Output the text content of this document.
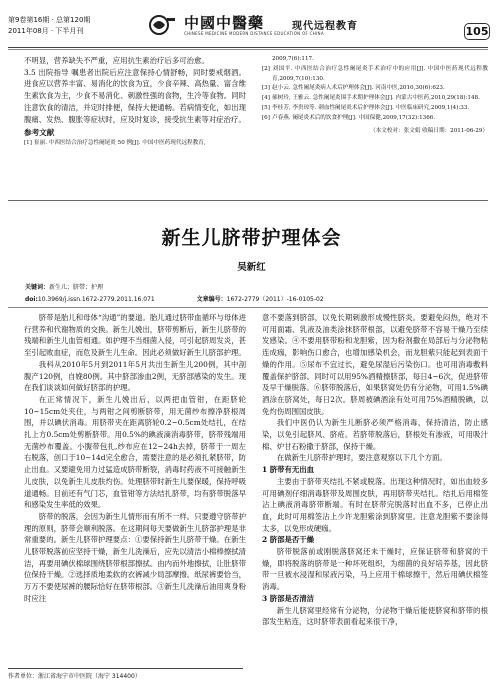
第9卷第16期 · 总第120期
2011年08月 · 下半月刊	中國中醫藥	现代远程教育
CHINESE MEDICINE MODERN DISTANCE EDUCATION OF CHINA	105

不明显，营养缺失不严重，应用抗生素治疗后多可治愈。

3.5 出院指导 嘱患者出院后应注意保持心情舒畅，同时要戒烟酒。进食应以营养丰富、易消化的饮食为宜，少食辛辣、高热量、富含维生素饮食为主，少食不易消化、刺激性强的食物，生冷等食物。同时注意饮食的清洁，并定时排便，保持大便通畅。若病情变化，如出现腹痛、发热、腹胀等症状时，应及时复诊，接受抗生素等对症治疗。

参考文献

[1] 崔丽. 中西医结合治疗急性阑尾炎 50 例[J]. 中国中医药现代远程教育,

2009,7(6):117.

[2] 刘国平. 中西医结合治疗急性阑尾炎手术治疗中的应用[J]. 中国中医药现代远程教育,2009,7(10):130.

[3] 赵小云. 急性阑尾炎病人术后护理体会[J]. 河南中医,2010,30(6):623.

[4] 郝树玲, 王雅云. 急性阑尾炎围手术期护理体会[J]. 内蒙古中医药,2010,29(18):148.

[5] 李桂芳, 李贵琼等. 刺血性阑尾炎术后护理体会[J]. 中医临床研究,2009,1(4):33.

[6] 卢春燕. 阑尾炎术后的饮食护理[J]. 中国保健,2009,17(32):1366.

（本文校对：张文娟 收稿日期：2011-06-29）
新生儿脐带护理体会
吴新红
关键词：新生儿；脐带；护理
doi:10.3969/j.issn.1672-2779.2011.16.071	文章编号：1672-2779（2011）-16-0105-02

脐带是胎儿和母体“沟通”的要道。胎儿通过脐带血循环与母体进行营养和代谢物质的交换。新生儿娩出，脐带剪断后，新生儿脐带的残端和新生儿血管相通。如护理不当细菌入侵，可引起脐周发炎，甚至引起败血症，而危及新生儿生命。因此必须做好新生儿脐部护理。

我科从2010年5月到2011年5月共出生新生儿200例，其中剖腹产120例，自娩80例。其中脐部渗血2例，无脐部感染的发生。现在我们谈谈如何做好脐部的护理。

在正常情况下，新生儿娩出后，以两把血管钳，在距脐轮10~15cm处夹住，与两钳之间剪断脐带，用无菌纱布擦净脐根周围，并以碘伏消毒。用脐带夹在距离脐轮0.2~0.5cm处结扎，在结扎上方0.5cm处剪断脐带。用0.5%的碘液滴消毒脐带，脐带残端用无菌纱布覆盖。小腹带包扎,纱布应在12~24h去掉，脐带于一周左右脱落，创口于10~14d完全愈合，需要注意的是必须扎紧脐带，防止出血。又要避免用力过猛造成脐带断裂，消毒时药液不可接触新生儿皮肤，以免新生儿皮肤灼伤。处理脐带时新生儿要保暖，保持呼吸道通畅。目前还有气门芯，血管钳等方法结扎脐带，均有脐带脱落早和感染发生率低的效果。

脐带的脱落，会因为新生儿情形而有所不一样。只要遵守脐带护理的原则，脐带会顺利脱落。在这期间每天要做新生儿脐部护理是非常重要的。新生儿脐带护理要点：①要保持新生儿脐带干燥。在新生儿脐带脱落前应坚持干燥，新生儿洗澡后，应先以清洁小棉棒擦拭清洁，再要用碘伏棉球围绕脐带根部擦拭。由内而外地擦拭，让肚脐带位保持干燥。②选择质地柔软的衣裤减少局部摩擦。纸尿裤要恰当，万万不要使尿裤的腰际恰好在脐带根部。③新生儿洗澡后油用爽身粉时应注

意不要落到脐部，以免长期刺激形成慢性脐炎。要避免闷热，绝对不可用面霜、乳液及油类涂抹脐带根部，以避免脐带不容易干燥乃至续发感染。④不要用脐带粉和龙胆紫，因为粉剂撒在局部后与分泌物粘连成痂，影响伤口愈合，也增加感染机会，而龙胆紫只能起到表面干燥的作用。⑤尿布不宜过长，避免尿湿后污染伤口。也可用消毒敷料覆盖保护脐部。同时可以用95%酒精擦脐部，每日4~6次，促进脐带及早干燥脱落。⑥脐带脱落后，如果脐窝处仍有分泌物，可用1.5%碘酒涂在脐窝处，每日2次。脐周被碘酒涂有处可用75%酒精脱碘，以免灼伤周围国皮肤。

我们中医仍认为新生儿断脐必须严格消毒，保持清洁，防止感染，以免引起脐风、脐疮。若脐带脱落后，脐根处有渗液，可用吸汁棉、炉甘石粉撒于脐部，保持干燥。

在做新生儿脐带护理时，要注意观察以下几个方面。

1 脐带有无出血

主要由于脐带夹结扎不紧或脱落。出现这种情况时，如出血较多可用碘剂仔细消毒脐带及周围皮肤，再用脐带夹结扎。结扎后用棉签沾上碘液消毒脐带断端。有时在脐带完脱落时出血不多，已停止出血，此时可用棉签沾上少许龙胆紫涂到脐窝里。注意龙胆紫不要涂得太多，以免形成硬痂。

2 脐部是否干燥

脐带脱落前或刚脱落脐窝还未干燥时，应保证脐带和脐窝的干燥，即将脱落的脐带是一种坏死组织，为细菌的良好培养基，因此脐带一旦被水浸湿和尿液污染，马上应用干棉球擦干，然后用碘伏棉签消毒。

3 脐部是否清洁

新生儿脐窝里经常有分泌物，分泌物干燥后能使脐窝和脐带的根部发生粘连，这时脐带表面看起来很干净，

作者单位：浙江省海宁市中医院（海宁 314400）
